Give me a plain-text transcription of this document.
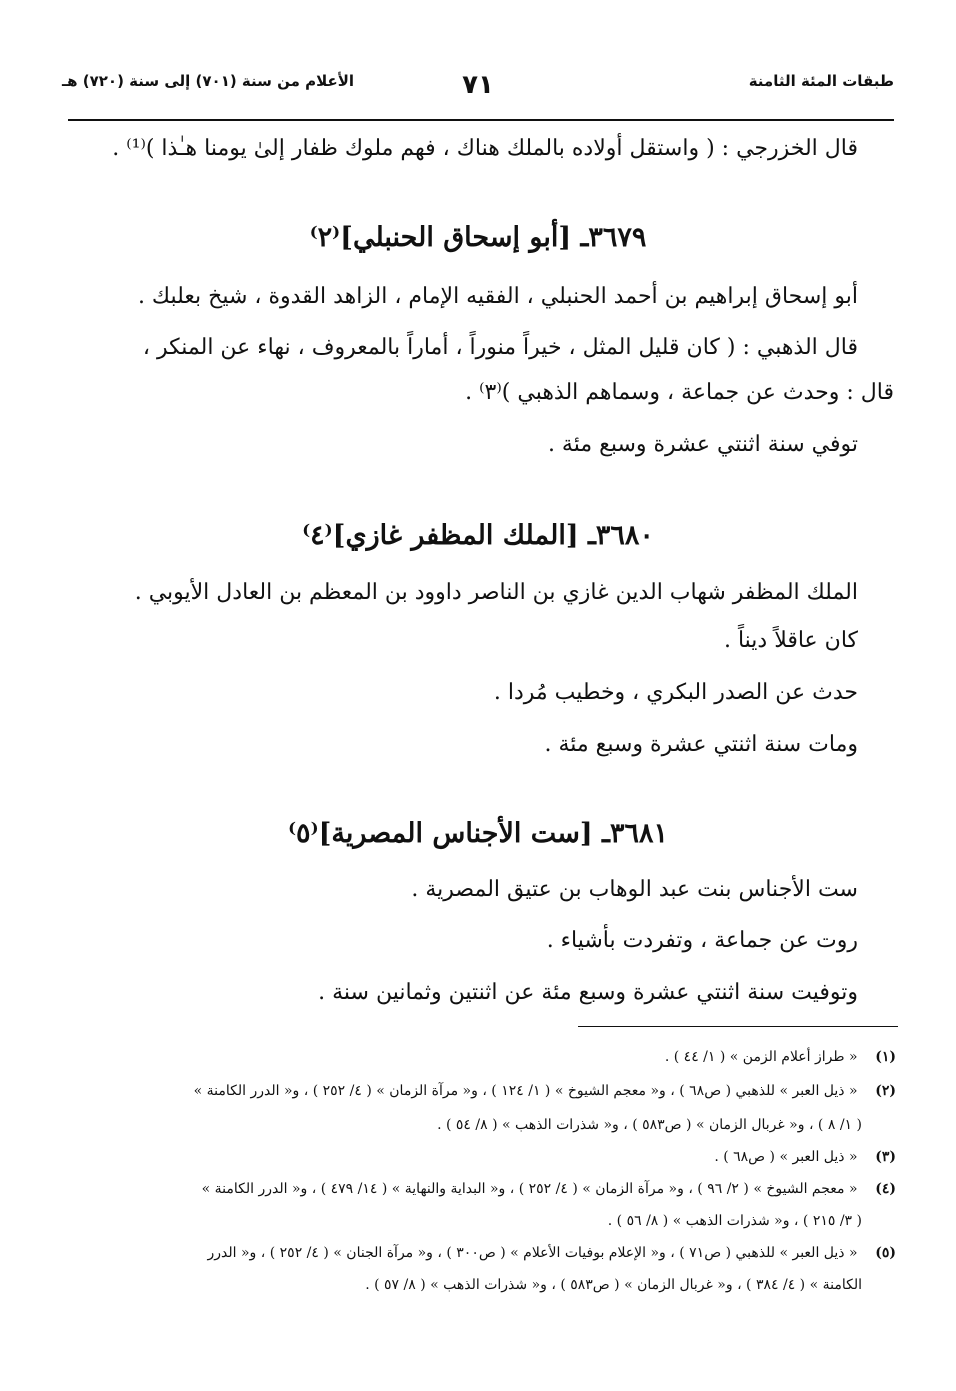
طبقات المئة الثامنة
٧١
الأعلام من سنة (٧٠١) إلى سنة (٧٢٠) هـ
قال الخزرجي : ( واستقل أولاده بالملك هناك ، فهم ملوك ظفار إلىٰ يومنا هـٰذا )⁽¹⁾ .
٣٦٧٩ـ [أبو إسحاق الحنبلي]⁽٢⁾
أبو إسحاق إبراهيم بن أحمد الحنبلي ، الفقيه الإمام ، الزاهد القدوة ، شيخ بعلبك .
قال الذهبي : ( كان قليل المثل ، خيراً منوراً ، أماراً بالمعروف ، نهاء عن المنكر ،
قال : وحدث عن جماعة ، وسماهم الذهبي )⁽٣⁾ .
توفي سنة اثنتي عشرة وسبع مئة .
٣٦٨٠ـ [الملك المظفر غازي]⁽٤⁾
الملك المظفر شهاب الدين غازي بن الناصر داوود بن المعظم بن العادل الأيوبي .
كان عاقلاً ديناً .
حدث عن الصدر البكري ، وخطيب مُردا .
ومات سنة اثنتي عشرة وسبع مئة .
٣٦٨١ـ [ست الأجناس المصرية]⁽٥⁾
ست الأجناس بنت عبد الوهاب بن عتيق المصرية .
روت عن جماعة ، وتفردت بأشياء .
وتوفيت سنة اثنتي عشرة وسبع مئة عن اثنتين وثمانين سنة .
(١) « طراز أعلام الزمن » ( ١/ ٤٤ ) .
(٢) « ذيل العبر » للذهبي ( ص٦٨ ) ، و« معجم الشيوخ » ( ١/ ١٢٤ ) ، و« مرآة الزمان » ( ٤/ ٢٥٢ ) ، و« الدرر الكامنة »
( ١/ ٨ ) ، و« غربال الزمان » ( ص٥٨٣ ) ، و« شذرات الذهب » ( ٨/ ٥٤ ) .
(٣) « ذيل العبر » ( ص٦٨ ) .
(٤) « معجم الشيوخ » ( ٢/ ٩٦ ) ، و« مرآة الزمان » ( ٤/ ٢٥٢ ) ، و« البداية والنهاية » ( ١٤/ ٤٧٩ ) ، و« الدرر الكامنة »
( ٣/ ٢١٥ ) ، و« شذرات الذهب » ( ٨/ ٥٦ ) .
(٥) « ذيل العبر » للذهبي ( ص٧١ ) ، و« الإعلام بوفيات الأعلام » ( ص٣٠٠ ) ، و« مرآة الجنان » ( ٤/ ٢٥٢ ) ، و« الدرر
الكامنة » ( ٤/ ٣٨٤ ) ، و« غربال الزمان » ( ص٥٨٣ ) ، و« شذرات الذهب » ( ٨/ ٥٧ ) .
